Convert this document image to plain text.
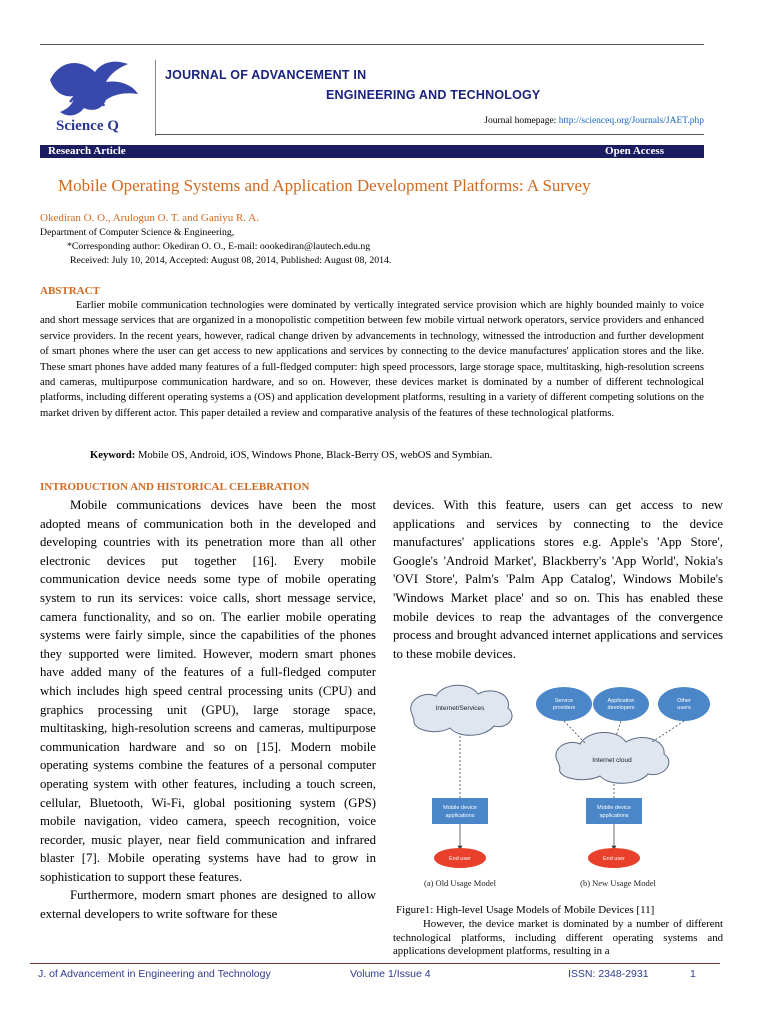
Science Q
JOURNAL OF ADVANCEMENT IN
ENGINEERING AND TECHNOLOGY
Journal homepage: http://scienceq.org/Journals/JAET.php
Research Article	Open Access
Mobile Operating Systems and Application Development Platforms: A Survey
Okediran O. O., Arulogun O. T. and Ganiyu R. A.
Department of Computer Science & Engineering,
*Corresponding author: Okediran O. O., E-mail: oookediran@lautech.edu.ng
Received: July 10, 2014, Accepted: August 08, 2014, Published: August 08, 2014.
ABSTRACT
Earlier mobile communication technologies were dominated by vertically integrated service provision which are highly bounded mainly to voice and short message services that are organized in a monopolistic competition between few mobile virtual network operators, service providers and enhanced service providers. In the recent years, however, radical change driven by advancements in technology, witnessed the introduction and further development of smart phones where the user can get access to new applications and services by connecting to the device manufactures' application stores and the like. These smart phones have added many features of a full-fledged computer: high speed processors, large storage space, multitasking, high-resolution screens and cameras, multipurpose communication hardware, and so on. However, these devices market is dominated by a number of different technological platforms, including different operating systems a (OS) and application development platforms, resulting in a variety of different competing solutions on the market driven by different actor. This paper detailed a review and comparative analysis of the features of these technological platforms.
Keyword: Mobile OS, Android, iOS, Windows Phone, Black-Berry OS, webOS and Symbian.
INTRODUCTION AND HISTORICAL CELEBRATION

Mobile communications devices have been the most adopted means of communication both in the developed and developing countries with its penetration more than all other electronic devices put together [16]. Every mobile communication device needs some type of mobile operating system to run its services: voice calls, short message service, camera functionality, and so on. The earlier mobile operating systems were fairly simple, since the capabilities of the phones they supported were limited. However, modern smart phones have added many of the features of a full-fledged computer which includes high speed central processing units (CPU) and graphics processing unit (GPU), large storage space, multitasking, high-resolution screens and cameras, multipurpose communication hardware and so on [15]. Modern mobile operating systems combine the features of a personal computer operating system with other features, including a touch screen, cellular, Bluetooth, Wi-Fi, global positioning system (GPS) mobile navigation, video camera, speech recognition, voice recorder, music player, near field communication and infrared blaster [7]. Mobile operating systems have had to grow in sophistication to support these features.

Furthermore, modern smart phones are designed to allow external developers to write software for these

devices. With this feature, users can get access to new applications and services by connecting to the device manufactures' applications stores e.g. Apple's 'App Store', Google's 'Android Market', Blackberry's 'App World', Nokia's 'OVI Store', Palm's 'Palm App Catalog', Windows Mobile's 'Windows Market place' and so on. This has enabled these mobile devices to reap the advantages of the convergence process and brought advanced internet applications and services to these mobile devices.

Internet/Services
Mobile device
applications
End user
(a) Old Usage Model
Service
providers
Application
developers
Other
users
Internet cloud
Mobile device
applications
End user
(b) New Usage Model
Figure1: High-level Usage Models of Mobile Devices [11]
However, the device market is dominated by a number of different technological platforms, including different operating systems and applications development platforms, resulting in a
J. of Advancement in Engineering and Technology	Volume 1/Issue 4	ISSN: 2348-2931	1
